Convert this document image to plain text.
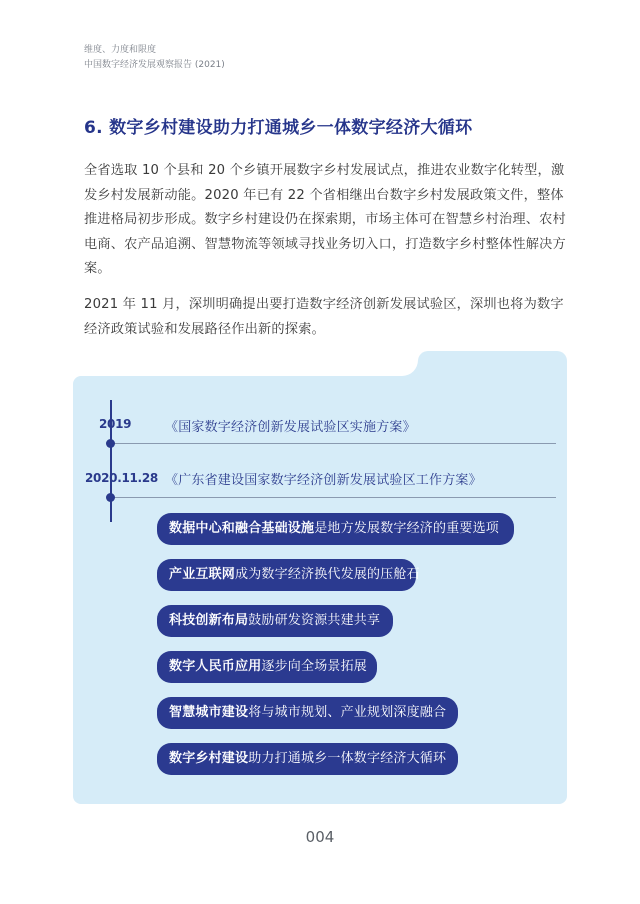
维度、力度和限度
中国数字经济发展观察报告 (2021)
6. 数字乡村建设助力打通城乡一体数字经济大循环

全省选取 10 个县和 20 个乡镇开展数字乡村发展试点，推进农业数字化转型，激发乡村发展新动能。2020 年已有 22 个省相继出台数字乡村发展政策文件，整体推进格局初步形成。数字乡村建设仍在探索期，市场主体可在智慧乡村治理、农村电商、农产品追溯、智慧物流等领域寻找业务切入口，打造数字乡村整体性解决方案。

2021 年 11 月，深圳明确提出要打造数字经济创新发展试验区，深圳也将为数字经济政策试验和发展路径作出新的探索。

2019	《国家数字经济创新发展试验区实施方案》
2020.11.28 《广东省建设国家数字经济创新发展试验区工作方案》
数据中心和融合基础设施是地方发展数字经济的重要选项
产业互联网成为数字经济换代发展的压舱石
科技创新布局鼓励研发资源共建共享
数字人民币应用逐步向全场景拓展
智慧城市建设将与城市规划、产业规划深度融合
数字乡村建设助力打通城乡一体数字经济大循环
004
